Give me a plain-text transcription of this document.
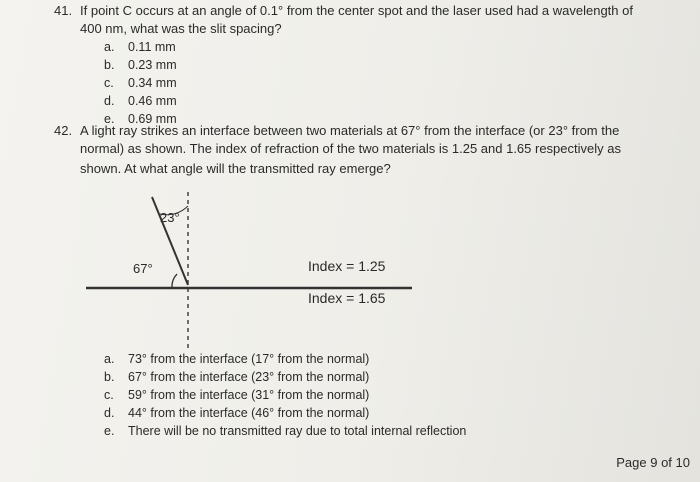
41. If point C occurs at an angle of 0.1° from the center spot and the laser used had a wavelength of
400 nm, what was the slit spacing?
a. 0.11 mm
b. 0.23 mm
c. 0.34 mm
d. 0.46 mm
e. 0.69 mm
42. A light ray strikes an interface between two materials at 67° from the interface (or 23° from the
normal) as shown. The index of refraction of the two materials is 1.25 and 1.65 respectively as
shown. At what angle will the transmitted ray emerge?
23°
67°	Index = 1.25
Index = 1.65
a. 73° from the interface (17° from the normal)
b. 67° from the interface (23° from the normal)
c. 59° from the interface (31° from the normal)
d. 44° from the interface (46° from the normal)
e. There will be no transmitted ray due to total internal reflection
Page 9 of 10
